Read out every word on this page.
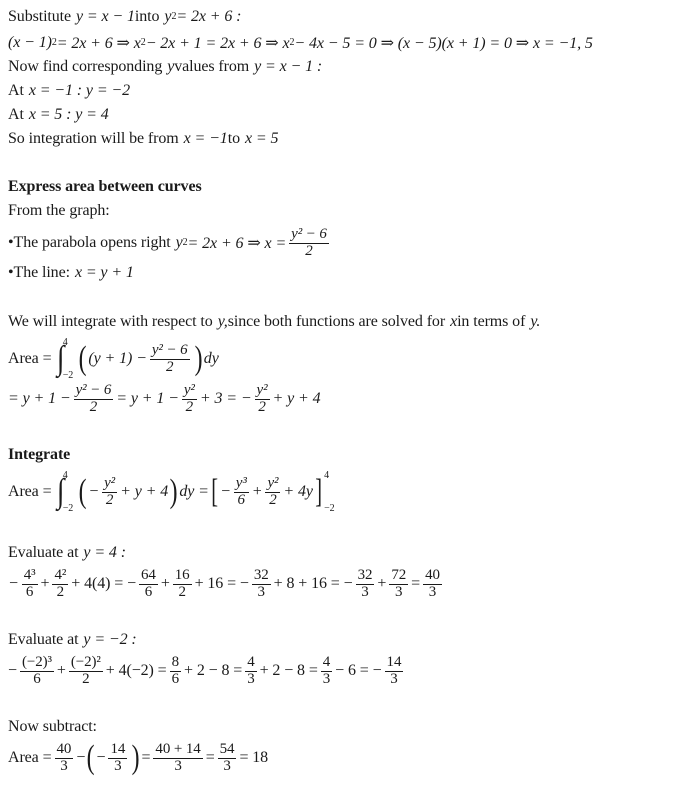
Substitute y = x − 1 into y 2 = 2x + 6 :
(x − 1) 2 = 2x + 6 ⇒ x 2 − 2x + 1 = 2x + 6 ⇒ x 2 − 4x − 5 = 0 ⇒ (x − 5)(x + 1) = 0 ⇒ x = −1, 5
Now find corresponding y values from y = x − 1 :
At x = −1 : y = −2
At x = 5 : y = 4
So integration will be from x = −1 to x = 5
Express area between curves
From the graph:
• The parabola opens right y 2 = 2x + 6 ⇒ $x = \frac{\text{y² − 6}}{2}$
• The line: x = y + 1
We will integrate with respect to y, since both functions are solved for x in terms of y.
Area = ∫
4
−2 ( $(y + 1) - \frac{\text{y² − 6}}{2}$ ) dy
= $y + 1 - \frac{\text{y² − 6}}{2} = y + 1 - \frac{\text{y²}}{2} + 3$ = − $\frac{\text{y²}}{2} + y + 4$
Integrate
Area = ∫
4
−2 ( − $\frac{\text{y²}}{2} + y + 4$ ) dy = [ − $\frac{\text{y³}}{6} + \frac{\text{y²}}{2} + 4y$ ] 4
−2
Evaluate at y = 4 :
− $\frac{\text{4³}}{6} + \frac{\text{4²}}{2} + 4(4)$ = − $\frac{64}{6} + \frac{16}{2} + 16$ = − $\frac{32}{3} + 8 + 16$ = − $\frac{32}{3} + \frac{72}{3} = \frac{40}{3}$
Evaluate at y = −2 :
− $\frac{\text{(−2)³}}{6} + \frac{\text{(−2)²}}{2} + 4(-2) = \frac{8}{6} + 2 - 8 = \frac{4}{3} + 2 - 8 = \frac{4}{3} - 6$ = − $\frac{14}{3}$
Now subtract:
Area = $\frac{40}{3}$ − ( − $\frac{14}{3}$ ) = $\frac{40 + 14}{3} = \frac{54}{3} = 18$
